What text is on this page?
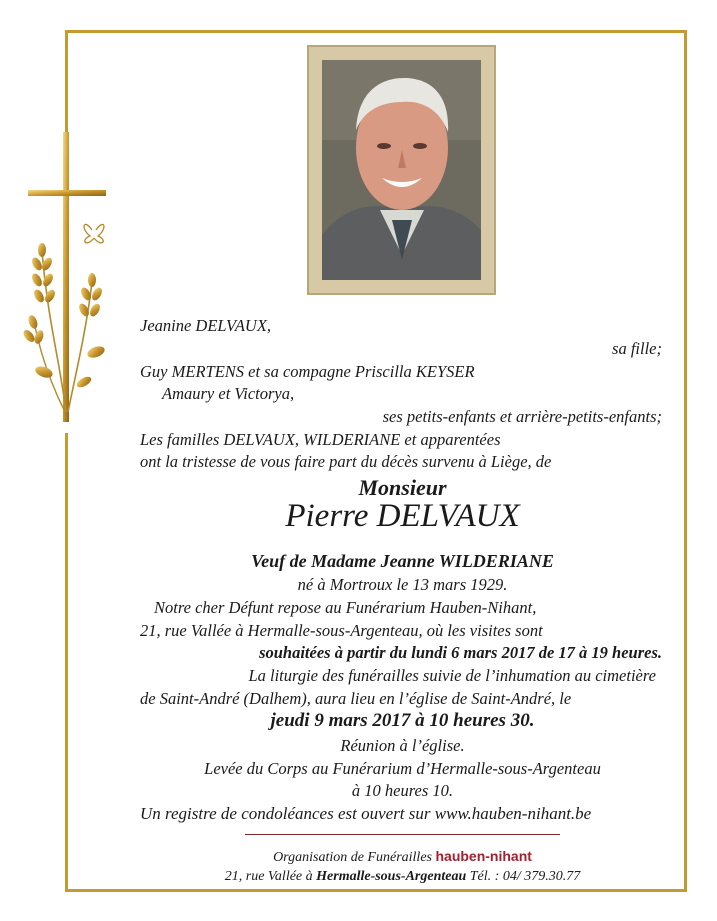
Jeanine DELVAUX,
sa fille;
Guy MERTENS et sa compagne Priscilla KEYSER
Amaury et Victorya,
ses petits-enfants et arrière-petits-enfants;
Les familles DELVAUX, WILDERIANE et apparentées
ont la tristesse de vous faire part du décès survenu à Liège, de
Monsieur
Pierre DELVAUX
Veuf de Madame Jeanne WILDERIANE
né à Mortroux le 13 mars 1929.
Notre cher Défunt repose au Funérarium Hauben-Nihant,
21, rue Vallée à Hermalle-sous-Argenteau, où les visites sont
souhaitées à partir du lundi 6 mars 2017 de 17 à 19 heures.
La liturgie des funérailles suivie de l’inhumation au cimetière
de Saint-André (Dalhem), aura lieu en l’église de Saint-André, le
jeudi 9 mars 2017 à 10 heures 30.
Réunion à l’église.
Levée du Corps au Funérarium d’Hermalle-sous-Argenteau
à 10 heures 10.
Un registre de condoléances est ouvert sur www.hauben-nihant.be
Organisation de Funérailles hauben-nihant
21, rue Vallée à Hermalle-sous-Argenteau Tél. : 04/ 379.30.77
